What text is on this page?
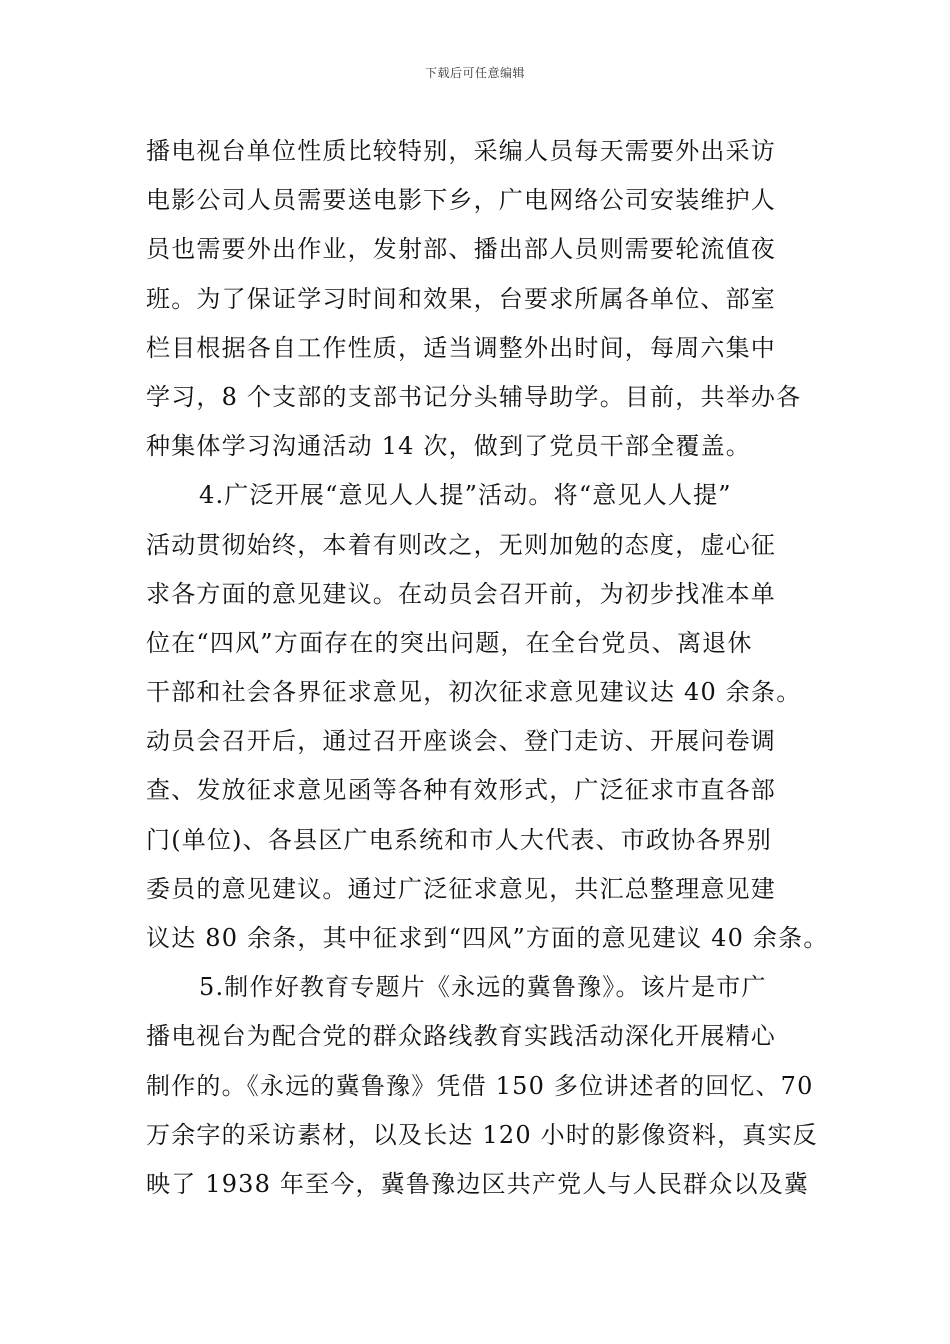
下载后可任意编辑
播电视台单位性质比较特别，采编人员每天需要外出采访
电影公司人员需要送电影下乡，广电网络公司安装维护人
员也需要外出作业，发射部、播出部人员则需要轮流值夜
班。为了保证学习时间和效果，台要求所属各单位、部室
栏目根据各自工作性质，适当调整外出时间，每周六集中
学习，8 个支部的支部书记分头辅导助学。目前，共举办各
种集体学习沟通活动 14 次，做到了党员干部全覆盖。
4.广泛开展“意见人人提”活动。将“意见人人提”
活动贯彻始终，本着有则改之，无则加勉的态度，虚心征
求各方面的意见建议。在动员会召开前，为初步找准本单
位在“四风”方面存在的突出问题，在全台党员、离退休
干部和社会各界征求意见，初次征求意见建议达 40 余条。
动员会召开后，通过召开座谈会、登门走访、开展问卷调
查、发放征求意见函等各种有效形式，广泛征求市直各部
门(单位)、各县区广电系统和市人大代表、市政协各界别
委员的意见建议。通过广泛征求意见，共汇总整理意见建
议达 80 余条，其中征求到“四风”方面的意见建议 40 余条。
5.制作好教育专题片《永远的冀鲁豫》。该片是市广
播电视台为配合党的群众路线教育实践活动深化开展精心
制作的。《永远的冀鲁豫》凭借 150 多位讲述者的回忆、70
万余字的采访素材，以及长达 120 小时的影像资料，真实反
映了 1938 年至今，冀鲁豫边区共产党人与人民群众以及冀
